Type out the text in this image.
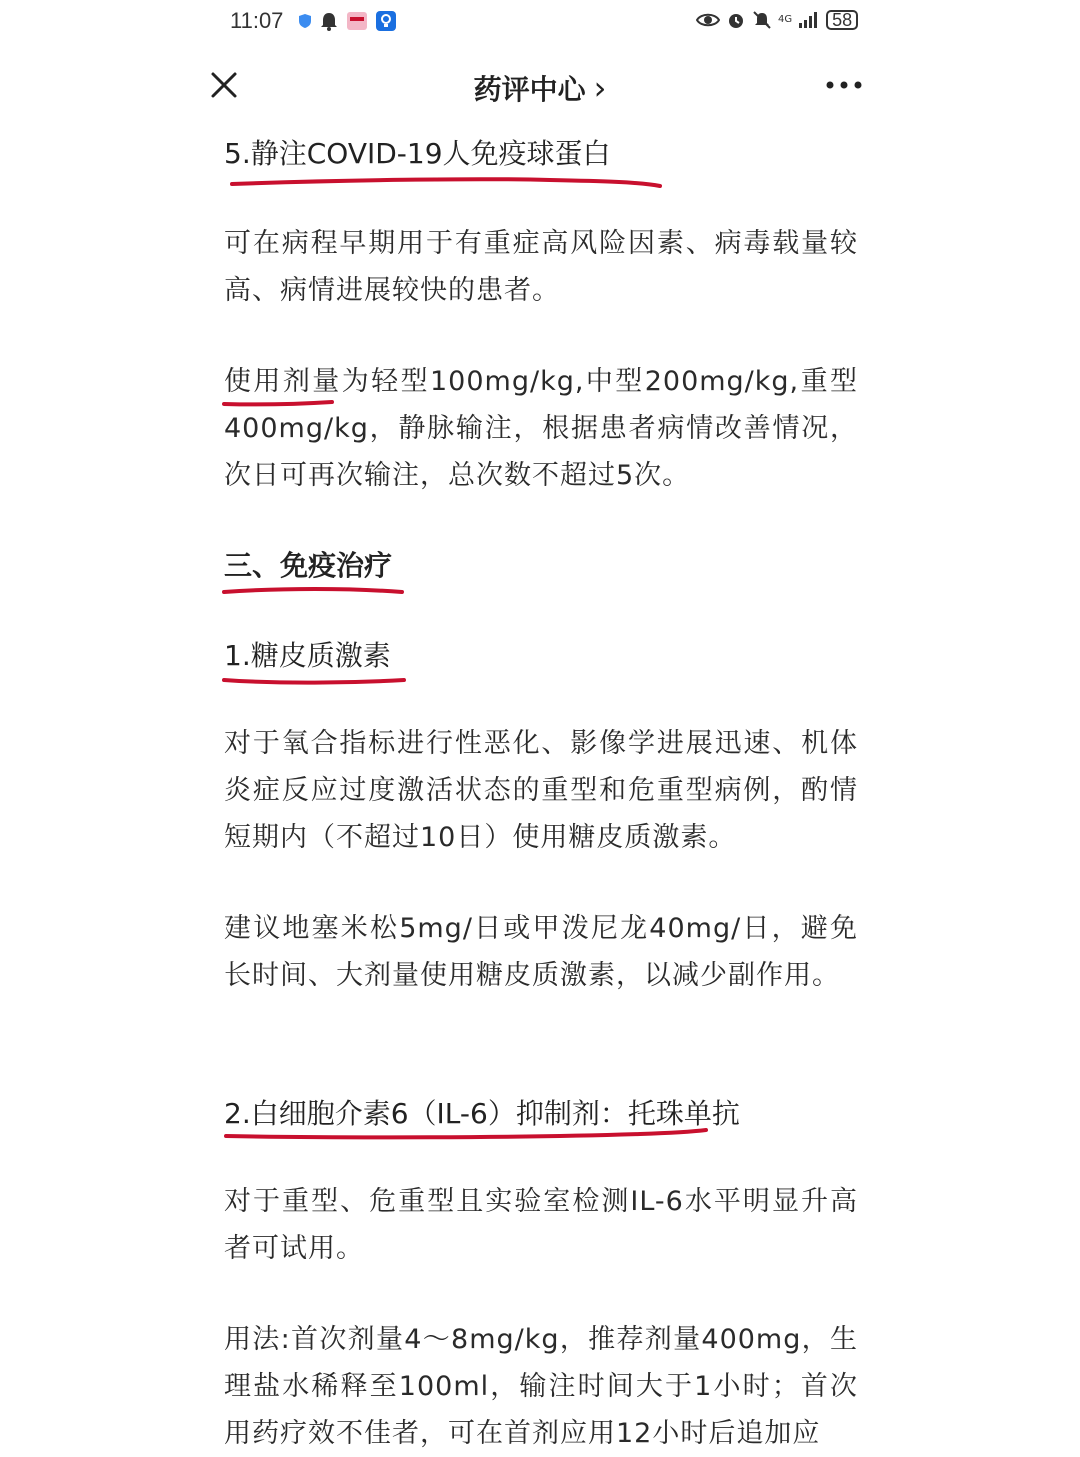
11:07	4G	58
药评中心 ›
5.静注COVID-19人免疫球蛋白

可在病程早期用于有重症高风险因素、病毒载量较高、病情进展较快的患者。

使用剂量为轻型100mg/kg,中型200mg/kg,重型400mg/kg，静脉输注，根据患者病情改善情况，次日可再次输注，总次数不超过5次。

三、免疫治疗
1.糖皮质激素

对于氧合指标进行性恶化、影像学进展迅速、机体炎症反应过度激活状态的重型和危重型病例，酌情短期内（不超过10日）使用糖皮质激素。

建议地塞米松5mg/日或甲泼尼龙40mg/日，避免长时间、大剂量使用糖皮质激素，以减少副作用。

2.白细胞介素6（IL-6）抑制剂：托珠单抗

对于重型、危重型且实验室检测IL-6水平明显升高者可试用。

用法:首次剂量4～8mg/kg，推荐剂量400mg，生理盐水稀释至100ml，输注时间大于1小时；首次用药疗效不佳者，可在首剂应用12小时后追加应
